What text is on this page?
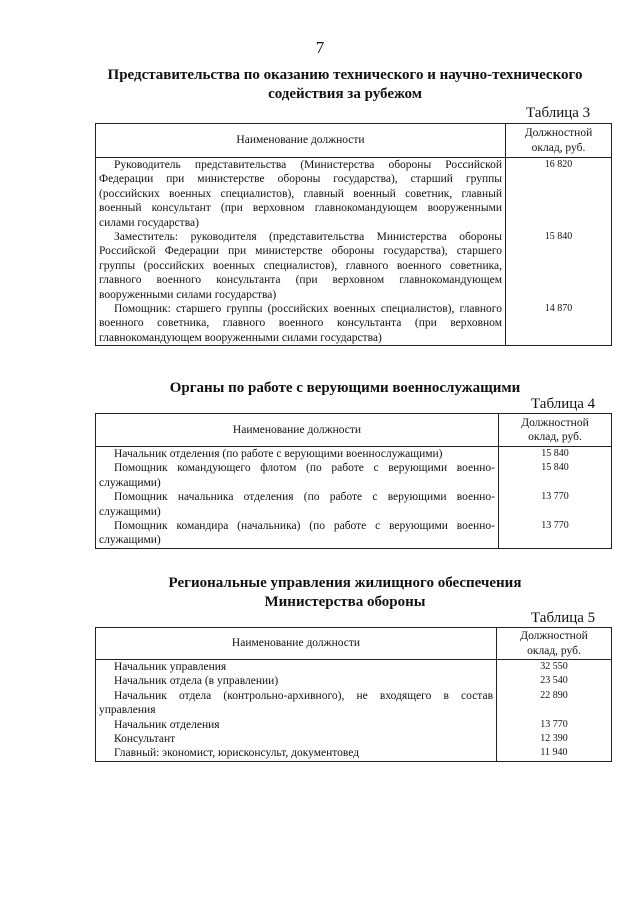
7
Представительства по оказанию технического и научно-технического
содействия за рубежом
Таблица 3
Наименование должности	Должностной
оклад, руб.
Руководитель представительства (Министерства обороны Российской Федерации при министерстве обороны государства), старший группы (российских военных специалистов), главный военный советник, главный военный консультант (при верховном главнокомандующем вооруженными силами государства)	16 820
Заместитель: руководителя (представительства Министерства обороны Российской Федерации при министерстве обороны государства), старшего группы (российских военных специалистов), главного военного советника, главного военного консультанта (при верховном главнокомандующем вооруженными силами государства)	15 840
Помощник: старшего группы (российских военных специалистов), главного военного советника, главного военного консультанта (при верховном главнокомандующем вооруженными силами государства)	14 870
Органы по работе с верующими военнослужащими
Таблица 4
Наименование должности	Должностной
оклад, руб.
Начальник отделения (по работе с верующими военнослужащими)	15 840
Помощник командующего флотом (по работе с верующими военно-служащими)	15 840
Помощник начальника отделения (по работе с верующими военно-служащими)	13 770
Помощник командира (начальника) (по работе с верующими военно-служащими)	13 770
Региональные управления жилищного обеспечения
Министерства обороны
Таблица 5
Наименование должности	Должностной
оклад, руб.
Начальник управления	32 550
Начальник отдела (в управлении)	23 540
Начальник отдела (контрольно-архивного), не входящего в состав управления	22 890
Начальник отделения	13 770
Консультант	12 390
Главный: экономист, юрисконсульт, документовед	11 940
